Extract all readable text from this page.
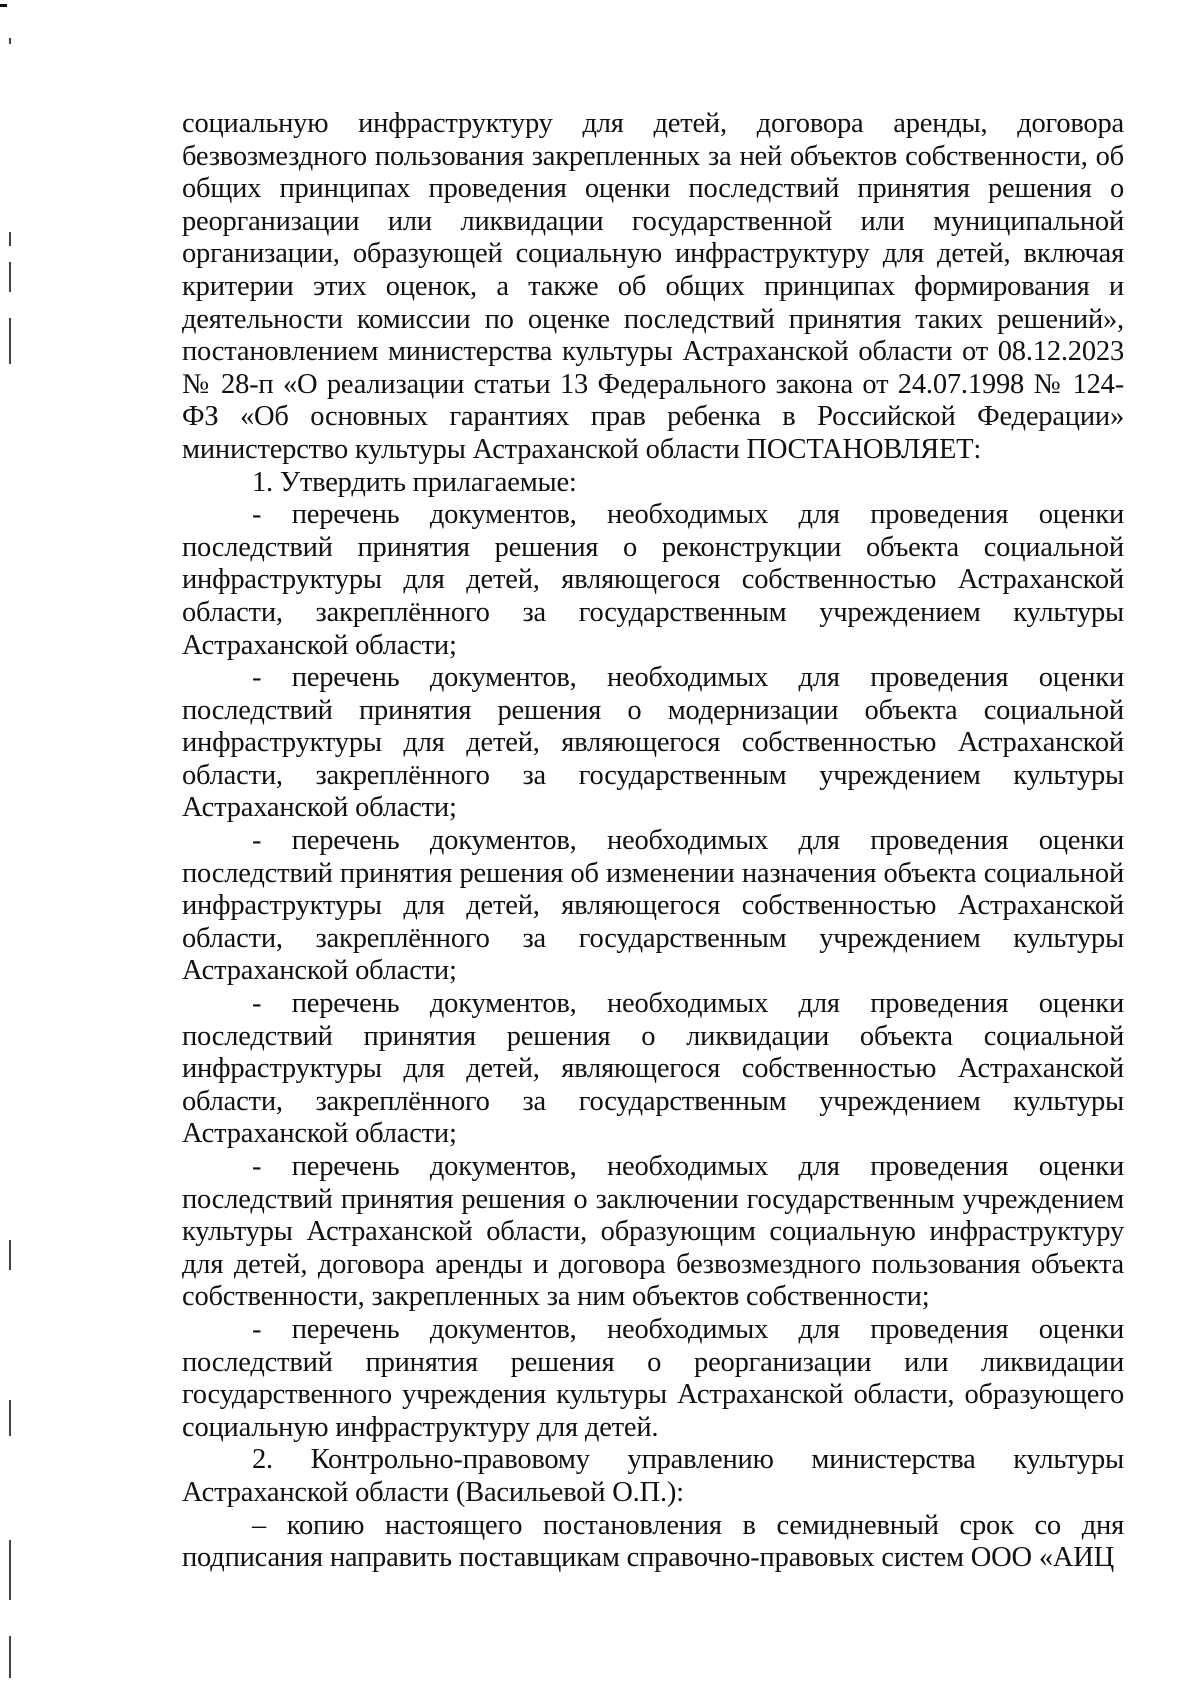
социальную инфраструктуру для детей, договора аренды, договора безвозмездного пользования закрепленных за ней объектов собственности, об общих принципах проведения оценки последствий принятия решения о реорганизации или ликвидации государственной или муниципальной организации, образующей социальную инфраструктуру для детей, включая критерии этих оценок, а также об общих принципах формирования и деятельности комиссии по оценке последствий принятия таких решений», постановлением министерства культуры Астраханской области от 08.12.2023 № 28-п «О реализации статьи 13 Федерального закона от 24.07.1998 № 124-ФЗ «Об основных гарантиях прав ребенка в Российской Федерации» министерство культуры Астраханской области ПОСТАНОВЛЯЕТ:

1. Утвердить прилагаемые:

- перечень документов, необходимых для проведения оценки последствий принятия решения о реконструкции объекта социальной инфраструктуры для детей, являющегося собственностью Астраханской области, закреплённого за государственным учреждением культуры Астраханской области;

- перечень документов, необходимых для проведения оценки последствий принятия решения о модернизации объекта социальной инфраструктуры для детей, являющегося собственностью Астраханской области, закреплённого за государственным учреждением культуры Астраханской области;

- перечень документов, необходимых для проведения оценки последствий принятия решения об изменении назначения объекта социальной инфраструктуры для детей, являющегося собственностью Астраханской области, закреплённого за государственным учреждением культуры Астраханской области;

- перечень документов, необходимых для проведения оценки последствий принятия решения о ликвидации объекта социальной инфраструктуры для детей, являющегося собственностью Астраханской области, закреплённого за государственным учреждением культуры Астраханской области;

- перечень документов, необходимых для проведения оценки последствий принятия решения о заключении государственным учреждением культуры Астраханской области, образующим социальную инфраструктуру для детей, договора аренды и договора безвозмездного пользования объекта собственности, закрепленных за ним объектов собственности;

- перечень документов, необходимых для проведения оценки последствий принятия решения о реорганизации или ликвидации государственного учреждения культуры Астраханской области, образующего социальную инфраструктуру для детей.

2. Контрольно-правовому управлению министерства культуры Астраханской области (Васильевой О.П.):

– копию настоящего постановления в семидневный срок со дня подписания направить поставщикам справочно-правовых систем ООО «АИЦ
